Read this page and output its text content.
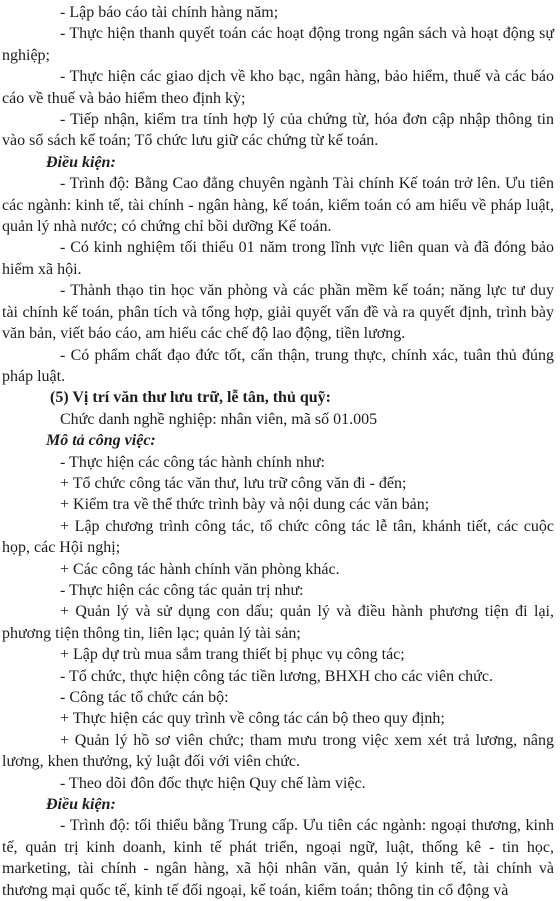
- Lập báo cáo tài chính hàng năm;

- Thực hiện thanh quyết toán các hoạt động trong ngân sách và hoạt động sự nghiệp;

- Thực hiện các giao dịch về kho bạc, ngân hàng, bảo hiểm, thuế và các báo cáo về thuế và bảo hiểm theo định kỳ;

- Tiếp nhận, kiểm tra tính hợp lý của chứng từ, hóa đơn cập nhập thông tin vào sổ sách kế toán; Tổ chức lưu giữ các chứng từ kế toán.

Điều kiện:

- Trình độ: Bằng Cao đẳng chuyên ngành Tài chính Kế toán trở lên. Ưu tiên các ngành: kinh tế, tài chính - ngân hàng, kế toán, kiểm toán có am hiểu về pháp luật, quản lý nhà nước; có chứng chỉ bồi dưỡng Kế toán.

- Có kinh nghiệm tối thiểu 01 năm trong lĩnh vực liên quan và đã đóng bảo hiểm xã hội.

- Thành thạo tin học văn phòng và các phần mềm kế toán; năng lực tư duy tài chính kế toán, phân tích và tổng hợp, giải quyết vấn đề và ra quyết định, trình bày văn bản, viết báo cáo, am hiểu các chế độ lao động, tiền lương.

- Có phẩm chất đạo đức tốt, cẩn thận, trung thực, chính xác, tuân thủ đúng pháp luật.

(5) Vị trí văn thư lưu trữ, lễ tân, thủ quỹ:

Chức danh nghề nghiệp: nhân viên, mã số 01.005

Mô tả công việc:

- Thực hiện các công tác hành chính như:

+ Tổ chức công tác văn thư, lưu trữ công văn đi - đến;

+ Kiểm tra về thể thức trình bày và nội dung các văn bản;

+ Lập chương trình công tác, tổ chức công tác lễ tân, khánh tiết, các cuộc họp, các Hội nghị;

+ Các công tác hành chính văn phòng khác.

- Thực hiện các công tác quản trị như:

+ Quản lý và sử dụng con dấu; quản lý và điều hành phương tiện đi lại, phương tiện thông tin, liên lạc; quản lý tài sản;

+ Lập dự trù mua sắm trang thiết bị phục vụ công tác;

- Tổ chức, thực hiện công tác tiền lương, BHXH cho các viên chức.

- Công tác tổ chức cán bộ:

+ Thực hiện các quy trình về công tác cán bộ theo quy định;

+ Quản lý hồ sơ viên chức; tham mưu trong việc xem xét trả lương, nâng lương, khen thưởng, kỷ luật đối với viên chức.

- Theo dõi đôn đốc thực hiện Quy chế làm việc.

Điều kiện:

- Trình độ: tối thiểu bằng Trung cấp. Ưu tiên các ngành: ngoại thương, kinh tế, quản trị kinh doanh, kinh tế phát triển, ngoại ngữ, luật, thống kê - tin học, marketing, tài chính - ngân hàng, xã hội nhân văn, quản lý kinh tế, tài chính và thương mại quốc tế, kinh tế đối ngoại, kế toán, kiểm toán; thông tin cổ động và
